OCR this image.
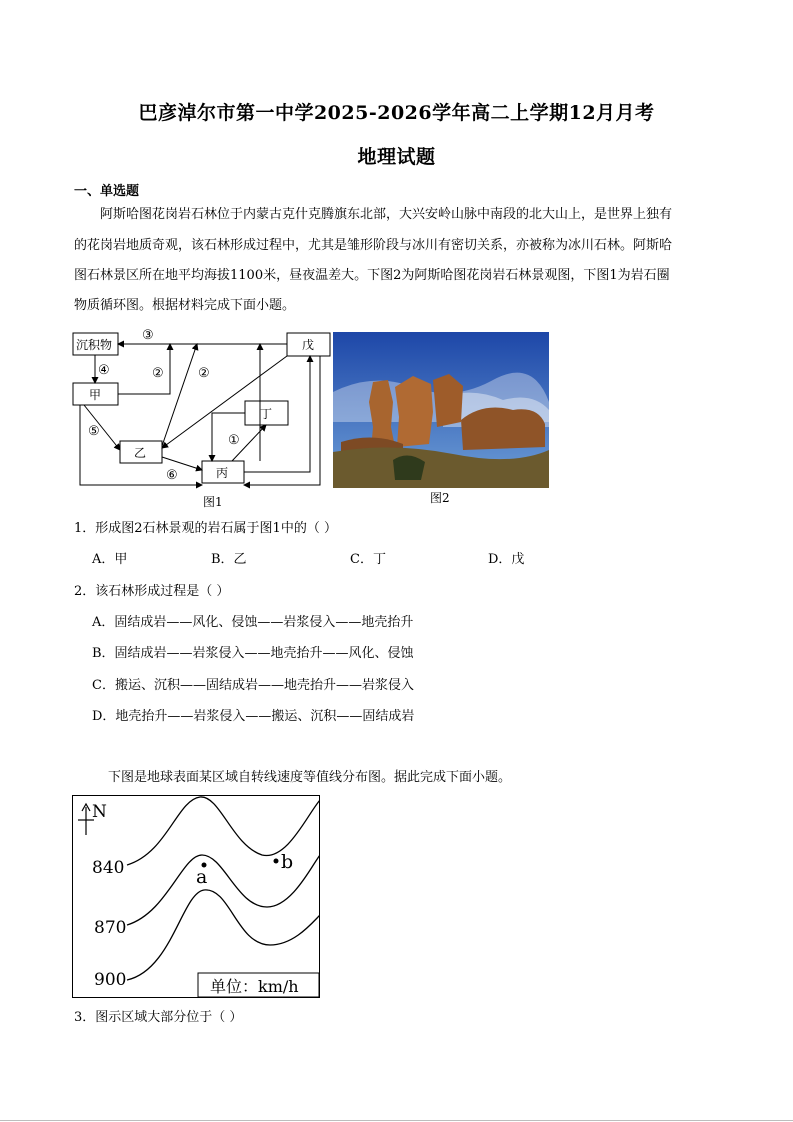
巴彦淖尔市第一中学2025-2026学年高二上学期12月月考
地理试题
一、单选题
阿斯哈图花岗岩石林位于内蒙古克什克腾旗东北部，大兴安岭山脉中南段的北大山上，是世界上独有
的花岗岩地质奇观，该石林形成过程中，尤其是雏形阶段与冰川有密切关系，亦被称为冰川石林。阿斯哈
图石林景区所在地平均海拔1100米，昼夜温差大。下图2为阿斯哈图花岗岩石林景观图，下图1为岩石圈
物质循环图。根据材料完成下面小题。
沉积物
甲
乙
丙
丁
戊
③
④	②	②
⑤
①
⑥
图1	图2
1．形成图2石林景观的岩石属于图1中的（ ）
A．甲	B．乙	C．丁	D．戊
2．该石林形成过程是（ ）
A．固结成岩——风化、侵蚀——岩浆侵入——地壳抬升
B．固结成岩——岩浆侵入——地壳抬升——风化、侵蚀
C．搬运、沉积——固结成岩——地壳抬升——岩浆侵入
D．地壳抬升——岩浆侵入——搬运、沉积——固结成岩
下图是地球表面某区域自转线速度等值线分布图。据此完成下面小题。
N
840
870
900
a
b
单位：km/h
3．图示区域大部分位于（ ）
